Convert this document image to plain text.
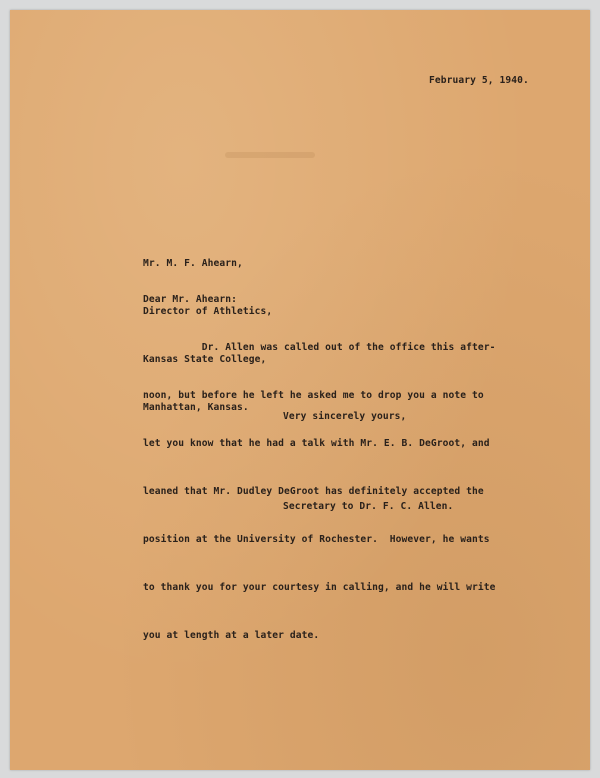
February 5, 1940.

Mr. M. F. Ahearn,

Director of Athletics,

Kansas State College,

Manhattan, Kansas.

Dear Mr. Ahearn:

Dr. Allen was called out of the office this after-

noon, but before he left he asked me to drop you a note to

let you know that he had a talk with Mr. E. B. DeGroot, and

leaned that Mr. Dudley DeGroot has definitely accepted the

position at the University of Rochester.  However, he wants

to thank you for your courtesy in calling, and he will write

you at length at a later date.

Very sincerely yours,

Secretary to Dr. F. C. Allen.
